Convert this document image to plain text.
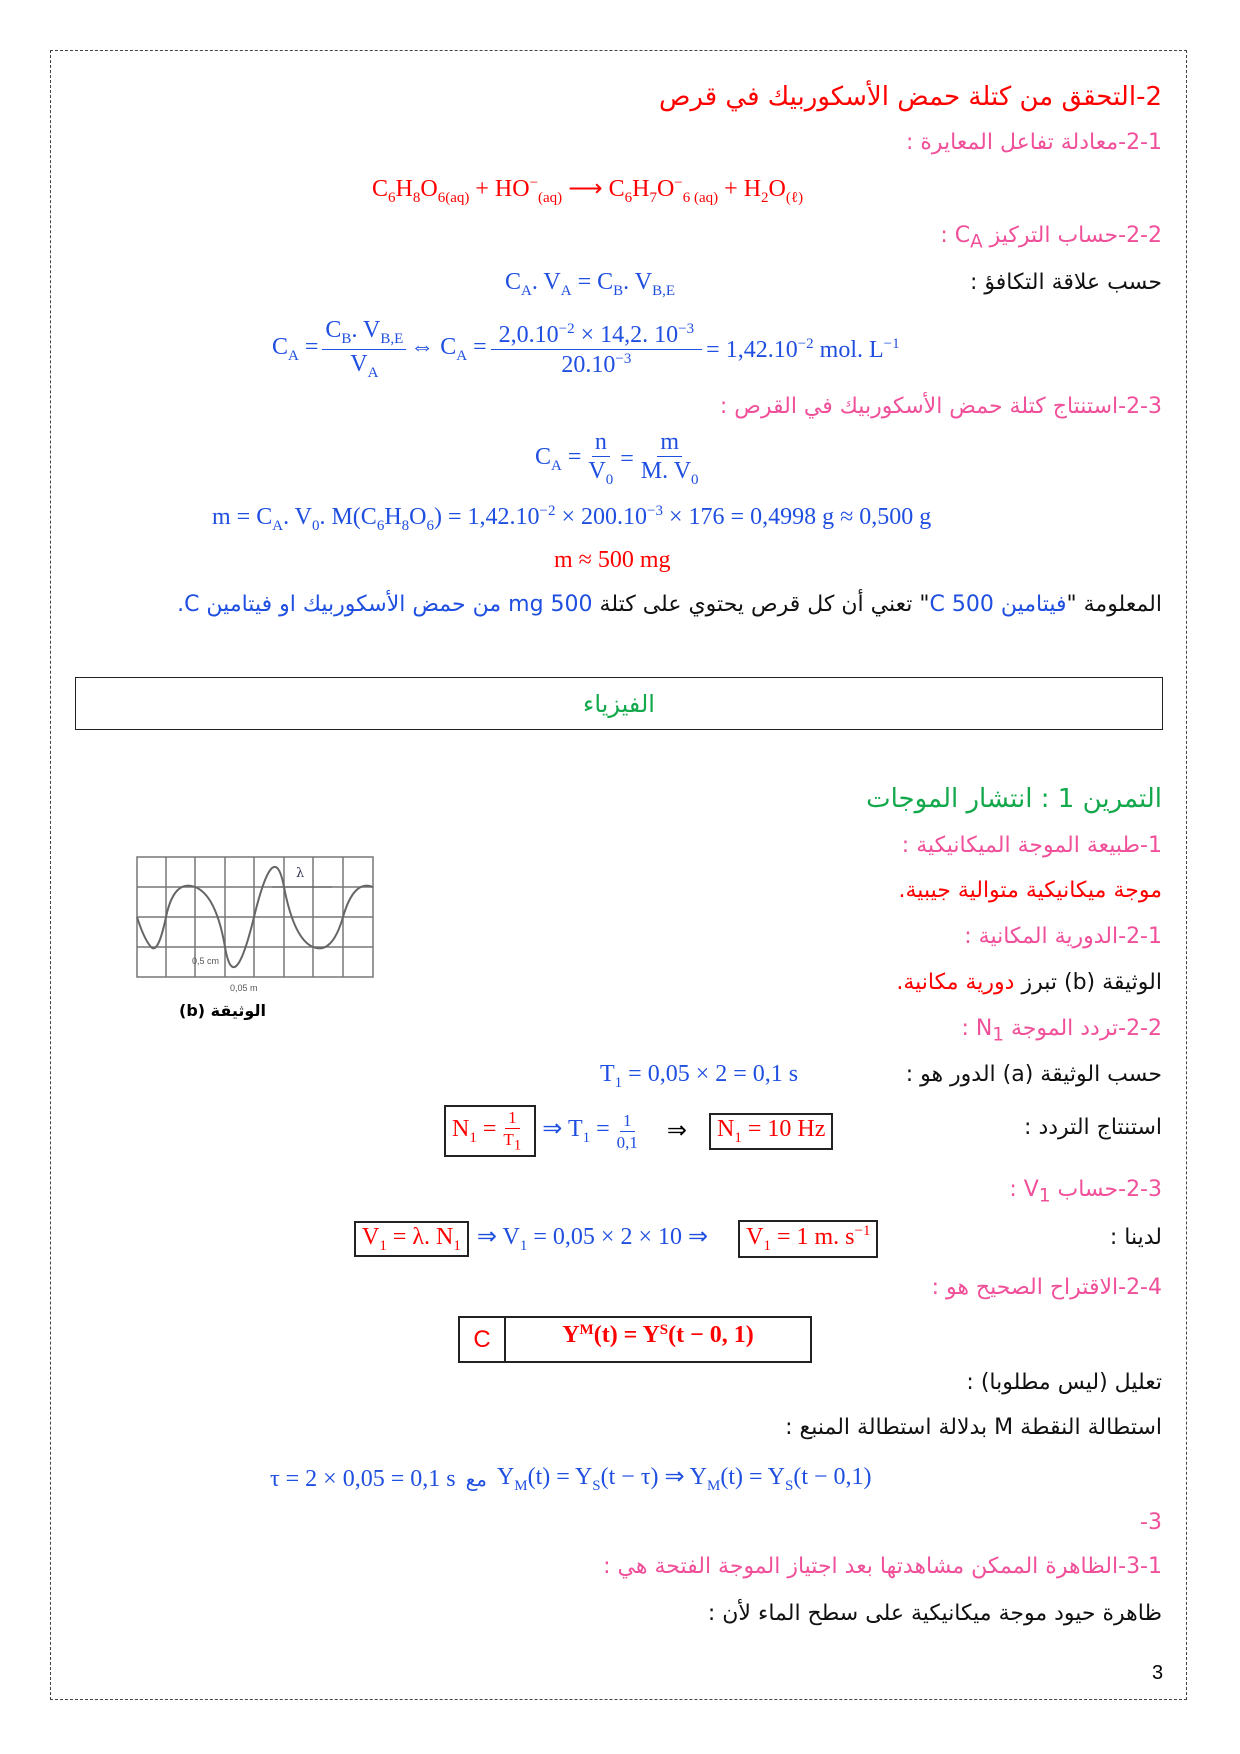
2-التحقق من كتلة حمض الأسكوربيك في قرص
2-1-معادلة تفاعل المعايرة :
$C_6H_8O_{6(aq)} + HO^-_{(aq)}$ ⟶ $C_6H_7O^-_{6 (aq)} + H_2O_{(\ell)}$
2-2-حساب التركيز $C_A$ :
حسب علاقة التكافؤ :
$C_A$. $V_A = C_B$. $V_{B,E}$
$C_A = \frac{C_B. V_{B,E}}{V_A}$ ⇔ $C_A = \frac{2,0.10^{-2} \times 14,2. 10^{-3}}{20.10^{-3}} = 1,42.10^{-2}$ mol. $L^{-1}$
2-3-استنتاج كتلة حمض الأسكوربيك في القرص :
$C_A = \frac{n}{V_0} = \frac{m}{M. V_0}$
$m = C_A$. $V_0$. $M(C_6H_8O_6) = 1,42.10^{-2} \times 200.10^{-3} \times 176 = 0,4998$ g ≈ 0,500 g
m ≈ 500 mg
المعلومة "فيتامين C 500" تعني أن كل قرص يحتوي على كتلة 500 mg من حمض الأسكوربيك او فيتامين C.
الفيزياء
التمرين 1 : انتشار الموجات
1-طبيعة الموجة الميكانيكية :
موجة ميكانيكية متوالية جيبية.
2-1-الدورية المكانية :
الوثيقة (b) تبرز دورية مكانية.
2-2-تردد الموجة $N_1$ :
حسب الوثيقة (a) الدور هو :
$T_1 = 0,05 \times 2 = 0,1$ s
استنتاج التردد :
$N_1 = \frac{1}{T_1}$ ⇒ $T_1 = \frac{1}{0,1}$ ⇒	$N_1 = 10$ Hz
2-3-حساب $V_1$ :
لدينا :
$V_1 = \lambda$. $N_1$ ⇒ $V_1 = 0,05 \times 2 \times 10$ ⇒	$V_1 = 1$ m. $s^{-1}$
2-4-الاقتراح الصحيح هو :
C	Y M (t) = Y S (t − 0, 1)
تعليل (ليس مطلوبا) :
استطالة النقطة M بدلالة استطالة المنبع :
τ = 2 × 0,05 = 0,1 s مع $Y_M(t) = Y_S(t - \tau)$ ⇒ $Y_M(t) = Y_S(t - 0,1)$
3-
3-1-الظاهرة الممكن مشاهدتها بعد اجتياز الموجة الفتحة هي :
ظاهرة حيود موجة ميكانيكية على سطح الماء لأن :
λ
0,5 cm
0,05 m
الوثيقة (b)
3
